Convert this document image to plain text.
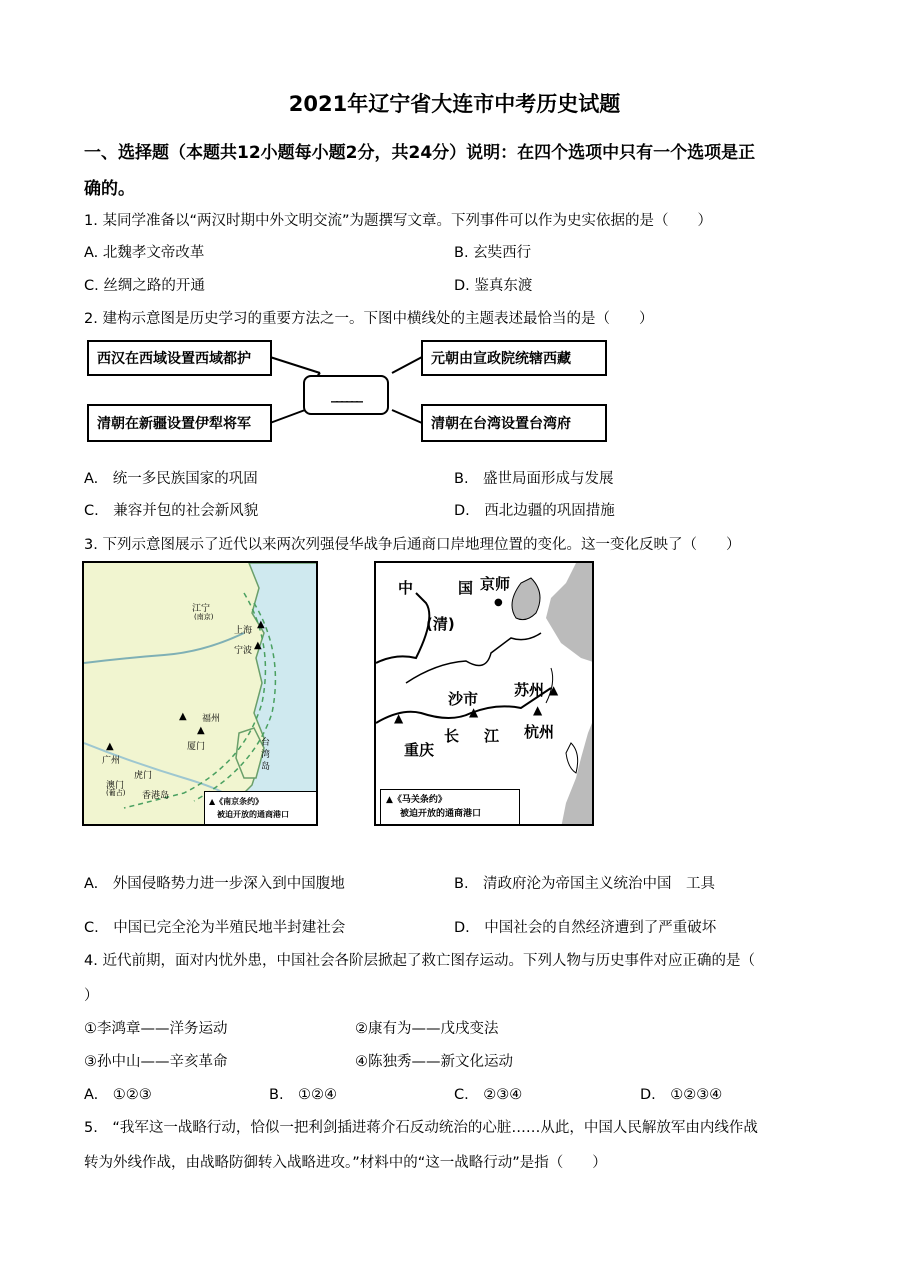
2021年辽宁省大连市中考历史试题
一、选择题（本题共12小题每小题2分，共24分）说明：在四个选项中只有一个选项是正
确的。
1. 某同学准备以“两汉时期中外文明交流”为题撰写文章。下列事件可以作为史实依据的是（　　）
A. 北魏孝文帝改革	B. 玄奘西行
C. 丝绸之路的开通	D. 鉴真东渡
2. 建构示意图是历史学习的重要方法之一。下图中横线处的主题表述最恰当的是（　　）
西汉在西域设置西域都护	元朝由宣政院统辖西藏
清朝在新疆设置伊犁将军	清朝在台湾设置台湾府
______
A.　统一多民族国家的巩固	B.　盛世局面形成与发展
C.　兼容并包的社会新风貌	D.　西北边疆的巩固措施
3. 下列示意图展示了近代以来两次列强侵华战争后通商口岸地理位置的变化。这一变化反映了（　　）
江宁
(南京)
上海
▲
宁波 ▲
福州
▲
厦门
▲
台
湾
岛
广州
▲
虎门
澳门
(葡占) 香港岛	▲《南京条约》
被迫开放的通商港口
中	国 京师
●
(清)
苏州 ▲
沙市
▲	▲
杭州
▲
重庆
长 江
▲《马关条约》
被迫开放的通商港口
A.　外国侵略势力进一步深入到中国腹地	B.　清政府沦为帝国主义统治中国　工具
C.　中国已完全沦为半殖民地半封建社会	D.　中国社会的自然经济遭到了严重破坏
4. 近代前期，面对内忧外患，中国社会各阶层掀起了救亡图存运动。下列人物与历史事件对应正确的是（
）
①李鸿章——洋务运动	②康有为——戊戌变法
③孙中山——辛亥革命	④陈独秀——新文化运动
A.　①②③	B.　①②④	C.　②③④	D.　①②③④
5.　“我军这一战略行动，恰似一把利剑插进蒋介石反动统治的心脏……从此，中国人民解放军由内线作战
转为外线作战，由战略防御转入战略进攻。”材料中的“这一战略行动”是指（　　）
